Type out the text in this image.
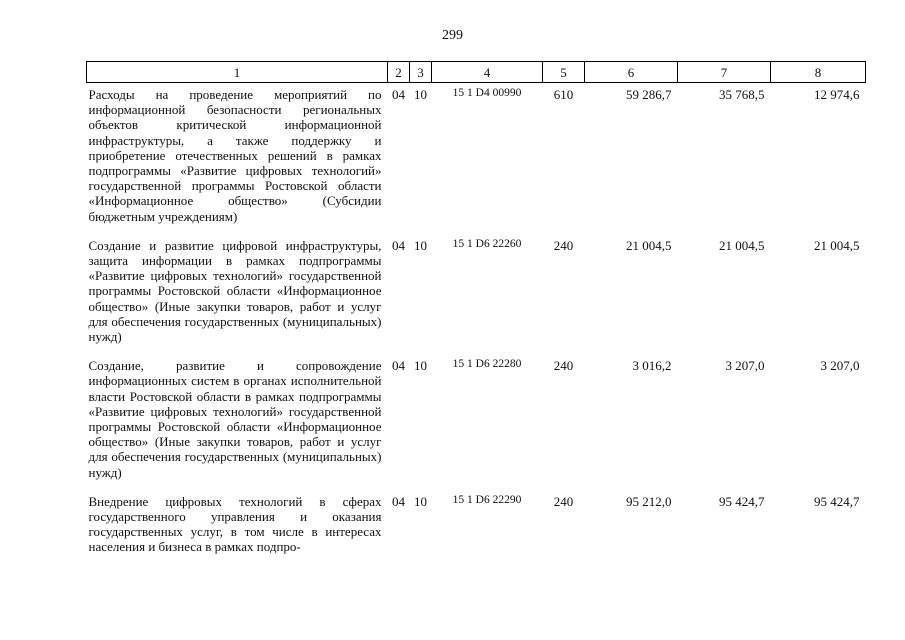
299
1	2	3	4	5	6	7	8
Расходы на проведение мероприятий по информационной безопасности региональных объектов критической информационной инфраструктуры, а также поддержку и приобретение отечественных решений в рамках подпрограммы «Развитие цифровых технологий» государственной программы Ростовской области «Информационное общество» (Субсидии бюджетным учреждениям)	04	10	15 1 D4 00990	610	59 286,7	35 768,5	12 974,6
Создание и развитие цифровой инфраструктуры, защита информации в рамках подпрограммы «Развитие цифровых технологий» государственной программы Ростовской области «Информационное общество» (Иные закупки товаров, работ и услуг для обеспечения государственных (муниципальных) нужд)	04	10	15 1 D6 22260	240	21 004,5	21 004,5	21 004,5
Создание, развитие и сопровождение информационных систем в органах исполнительной власти Ростовской области в рамках подпрограммы «Развитие цифровых технологий» государственной программы Ростовской области «Информационное общество» (Иные закупки товаров, работ и услуг для обеспечения государственных (муниципальных) нужд)	04	10	15 1 D6 22280	240	3 016,2	3 207,0	3 207,0
Внедрение цифровых технологий в сферах государственного управления и оказания государственных услуг, в том числе в интересах населения и бизнеса в рамках подпро-	04	10	15 1 D6 22290	240	95 212,0	95 424,7	95 424,7
